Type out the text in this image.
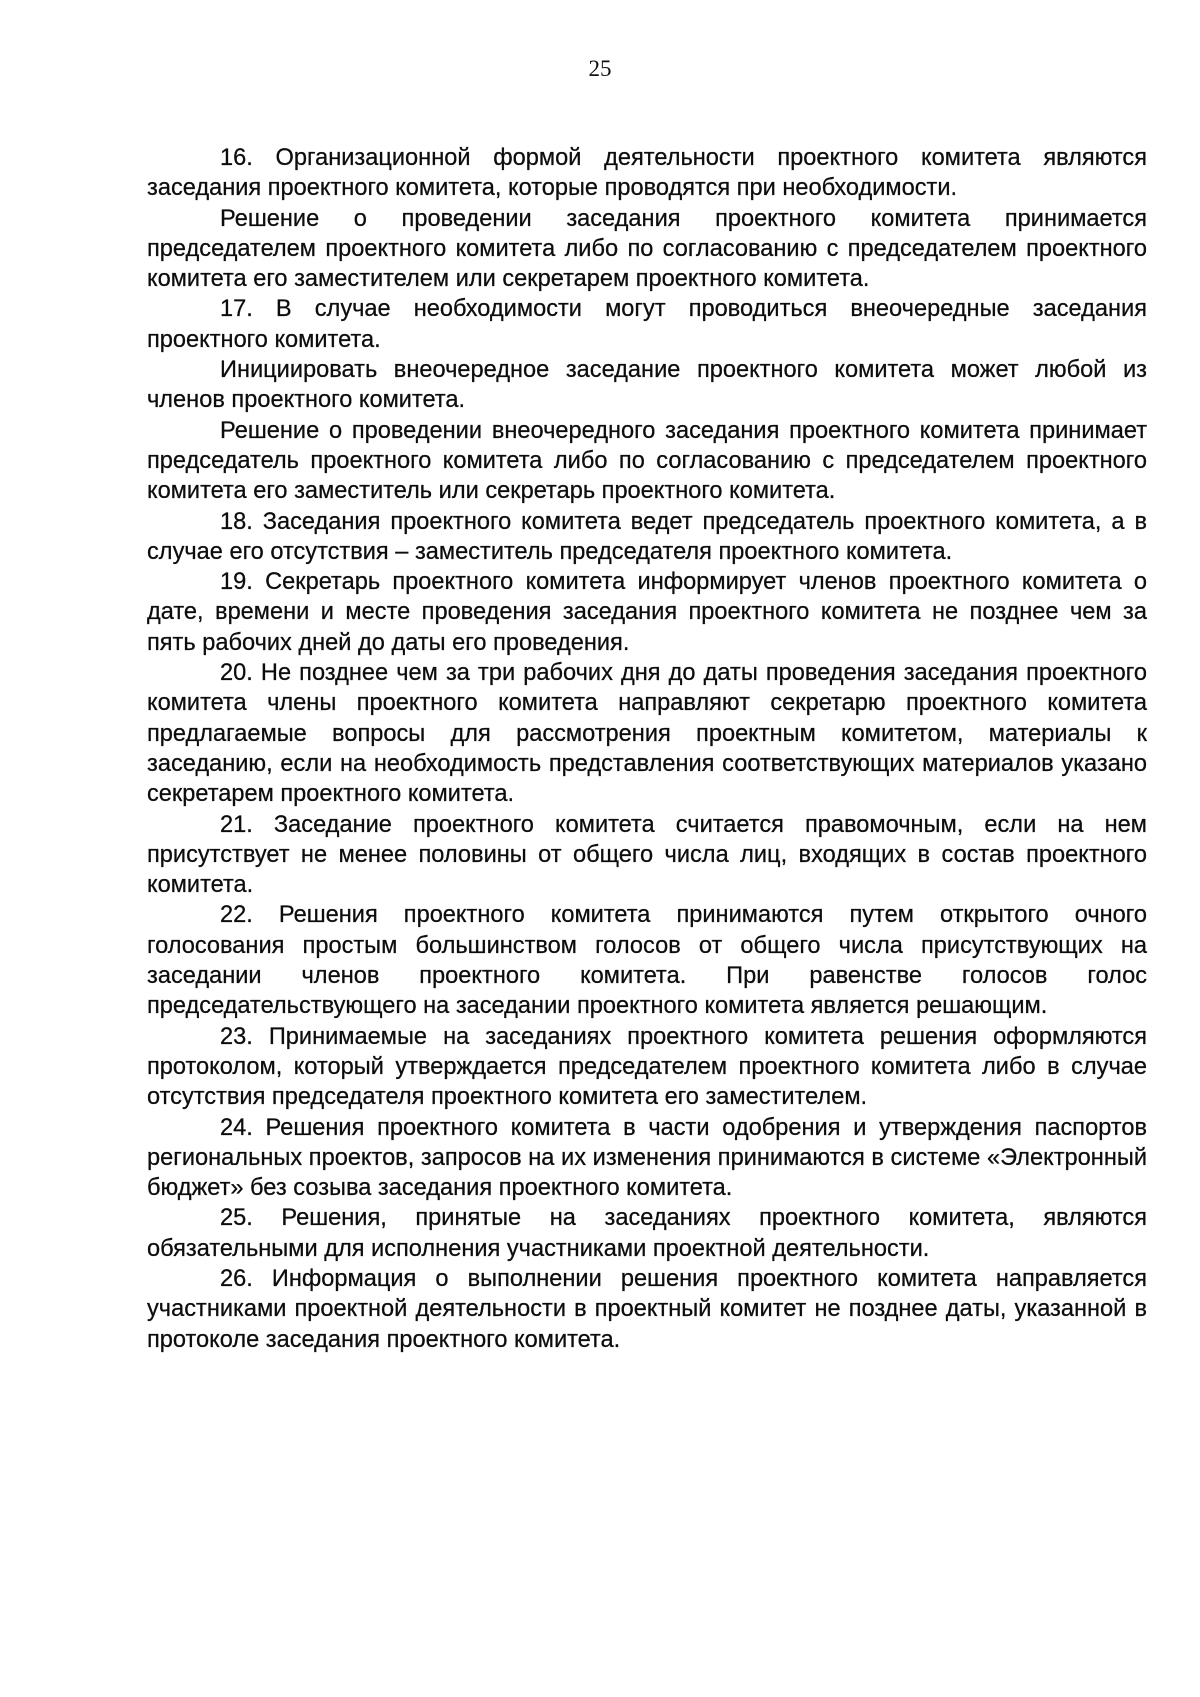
25

16. Организационной формой деятельности проектного комитета являются заседания проектного комитета, которые проводятся при необходимости.

Решение о проведении заседания проектного комитета принимается председателем проектного комитета либо по согласованию с председателем проектного комитета его заместителем или секретарем проектного комитета.

17. В случае необходимости могут проводиться внеочередные заседания проектного комитета.

Инициировать внеочередное заседание проектного комитета может любой из членов проектного комитета.

Решение о проведении внеочередного заседания проектного комитета принимает председатель проектного комитета либо по согласованию с председателем проектного комитета его заместитель или секретарь проектного комитета.

18. Заседания проектного комитета ведет председатель проектного комитета, а в случае его отсутствия – заместитель председателя проектного комитета.

19. Секретарь проектного комитета информирует членов проектного комитета о дате, времени и месте проведения заседания проектного комитета не позднее чем за пять рабочих дней до даты его проведения.

20. Не позднее чем за три рабочих дня до даты проведения заседания проектного комитета члены проектного комитета направляют секретарю проектного комитета предлагаемые вопросы для рассмотрения проектным комитетом, материалы к заседанию, если на необходимость представления соответствующих материалов указано секретарем проектного комитета.

21. Заседание проектного комитета считается правомочным, если на нем присутствует не менее половины от общего числа лиц, входящих в состав проектного комитета.

22. Решения проектного комитета принимаются путем открытого очного голосования простым большинством голосов от общего числа присутствующих на заседании членов проектного комитета. При равенстве голосов голос председательствующего на заседании проектного комитета является решающим.

23. Принимаемые на заседаниях проектного комитета решения оформляются протоколом, который утверждается председателем проектного комитета либо в случае отсутствия председателя проектного комитета его заместителем.

24. Решения проектного комитета в части одобрения и утверждения паспортов региональных проектов, запросов на их изменения принимаются в системе «Электронный бюджет» без созыва заседания проектного комитета.

25. Решения, принятые на заседаниях проектного комитета, являются обязательными для исполнения участниками проектной деятельности.

26. Информация о выполнении решения проектного комитета направляется участниками проектной деятельности в проектный комитет не позднее даты, указанной в протоколе заседания проектного комитета.
